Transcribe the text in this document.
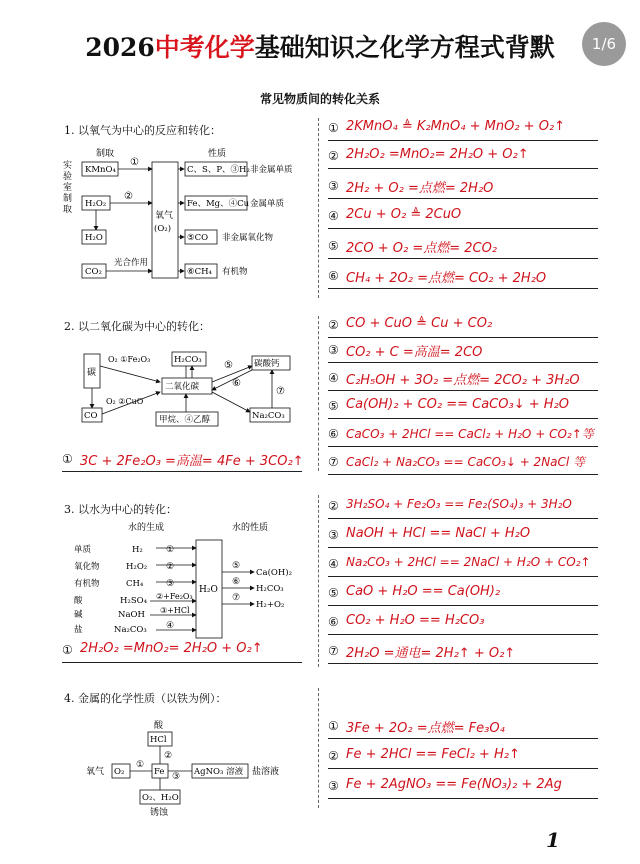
2026中考化学基础知识之化学方程式背默	1/6
常见物质间的转化关系
1. 以氧气为中心的反应和转化：
2. 以二氧化碳为中心的转化：
3. 以水为中心的转化：
4. 金属的化学性质（以铁为例）：
制取
实
验
室
制
取
性质
KMnO₄
H₂O₂
H₂O
CO₂
光合作用
①
②
氧气
(O₂)
C、S、P、③H₂ 非金属单质
Fe、Mg、④Cu 金属单质
⑤CO 非金属氧化物
⑥CH₄ 有机物
碳
CO
O₂ ①Fe₂O₃
O₂ ②CuO
H₂CO₃
二氧化碳
甲烷、④乙醇
碳酸钙
Na₂CO₃
⑤
⑥
⑦
水的生成	水的性质
单质	H₂	①
氧化物	H₂O₂ ②
有机物	CH₄	③
酸	H₂SO₄ ②+Fe₂O₃
碱	NaOH ③+HCl
盐	Na₂CO₃ ④
H₂O
⑤
Ca(OH)₂
⑥
H₂CO₃
⑦
H₂+O₂
酸
HCl
②
氧气 O₂
①
Fe ③ AgNO₃ 溶液 盐溶液
O₂、H₂O
锈蚀
① 2KMnO₄ ≜ K₂MnO₄ + MnO₂ + O₂↑
② 2H₂O₂ =MnO₂= 2H₂O + O₂↑
③ 2H₂ + O₂ =点燃= 2H₂O
④ 2Cu + O₂ ≜ 2CuO
⑤ 2CO + O₂ =点燃= 2CO₂
⑥ CH₄ + 2O₂ =点燃= CO₂ + 2H₂O
② CO + CuO ≜ Cu + CO₂
③ CO₂ + C =高温= 2CO
④ C₂H₅OH + 3O₂ =点燃= 2CO₂ + 3H₂O
⑤ Ca(OH)₂ + CO₂ == CaCO₃↓ + H₂O
⑥ CaCO₃ + 2HCl == CaCl₂ + H₂O + CO₂↑等
⑦ CaCl₂ + Na₂CO₃ == CaCO₃↓ + 2NaCl 等
① 3C + 2Fe₂O₃ =高温= 4Fe + 3CO₂↑
② 3H₂SO₄ + Fe₂O₃ == Fe₂(SO₄)₃ + 3H₂O
③ NaOH + HCl == NaCl + H₂O
④ Na₂CO₃ + 2HCl == 2NaCl + H₂O + CO₂↑
⑤ CaO + H₂O == Ca(OH)₂
⑥ CO₂ + H₂O == H₂CO₃
⑦ 2H₂O =通电= 2H₂↑ + O₂↑
① 2H₂O₂ =MnO₂= 2H₂O + O₂↑
① 3Fe + 2O₂ =点燃= Fe₃O₄
② Fe + 2HCl == FeCl₂ + H₂↑
③ Fe + 2AgNO₃ == Fe(NO₃)₂ + 2Ag
1
